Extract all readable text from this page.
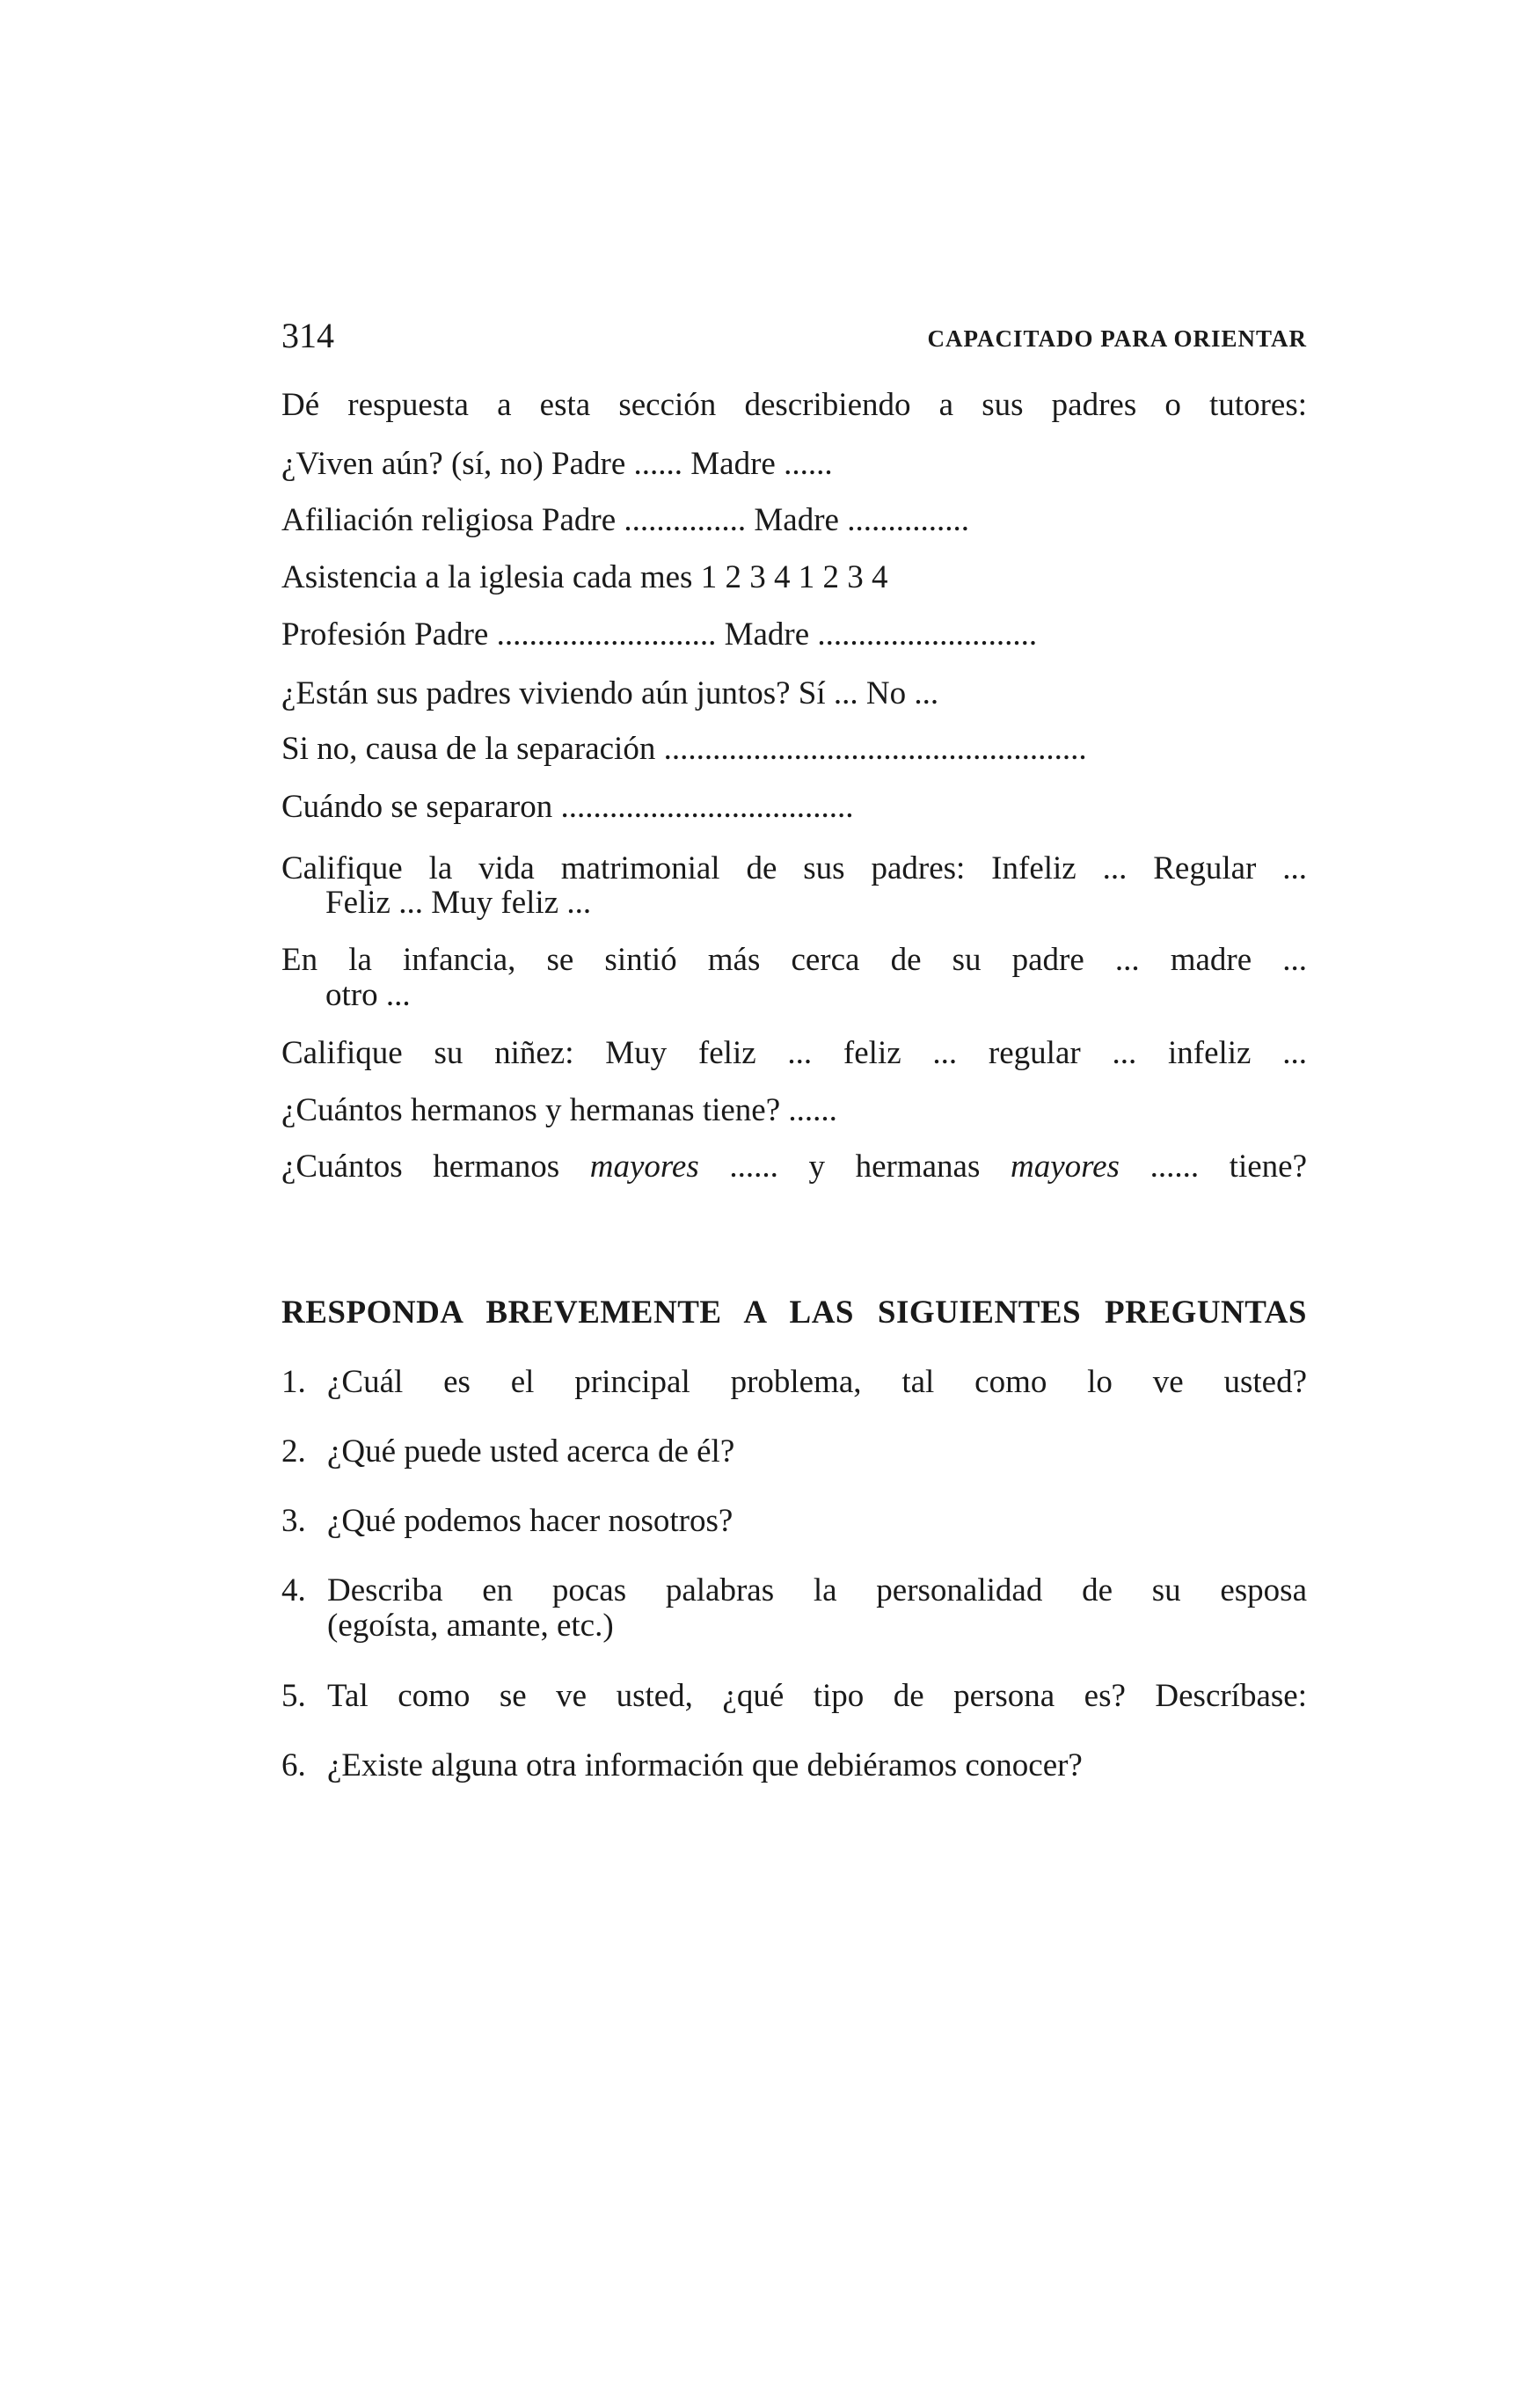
314	CAPACITADO PARA ORIENTAR
Dé respuesta a esta sección describiendo a sus padres o tutores:
¿Viven aún? (sí, no) Padre ...... Madre ......
Afiliación religiosa Padre ............... Madre ...............
Asistencia a la iglesia cada mes 1 2 3 4 1 2 3 4
Profesión Padre ........................... Madre ...........................
¿Están sus padres viviendo aún juntos? Sí ... No ...
Si no, causa de la separación ....................................................
Cuándo se separaron ....................................
Califique la vida matrimonial de sus padres: Infeliz ... Regular ...
Feliz ... Muy feliz ...
En la infancia, se sintió más cerca de su padre ... madre ...
otro ...
Califique su niñez: Muy feliz ... feliz ... regular ... infeliz ...
¿Cuántos hermanos y hermanas tiene? ......
¿Cuántos hermanos mayores ...... y hermanas mayores ...... tiene?
RESPONDA BREVEMENTE A LAS SIGUIENTES PREGUNTAS
1. ¿Cuál es el principal problema, tal como lo ve usted?
2. ¿Qué puede usted acerca de él?
3. ¿Qué podemos hacer nosotros?
4. Describa en pocas palabras la personalidad de su esposa
(egoísta, amante, etc.)
5. Tal como se ve usted, ¿qué tipo de persona es? Descríbase:
6. ¿Existe alguna otra información que debiéramos conocer?
